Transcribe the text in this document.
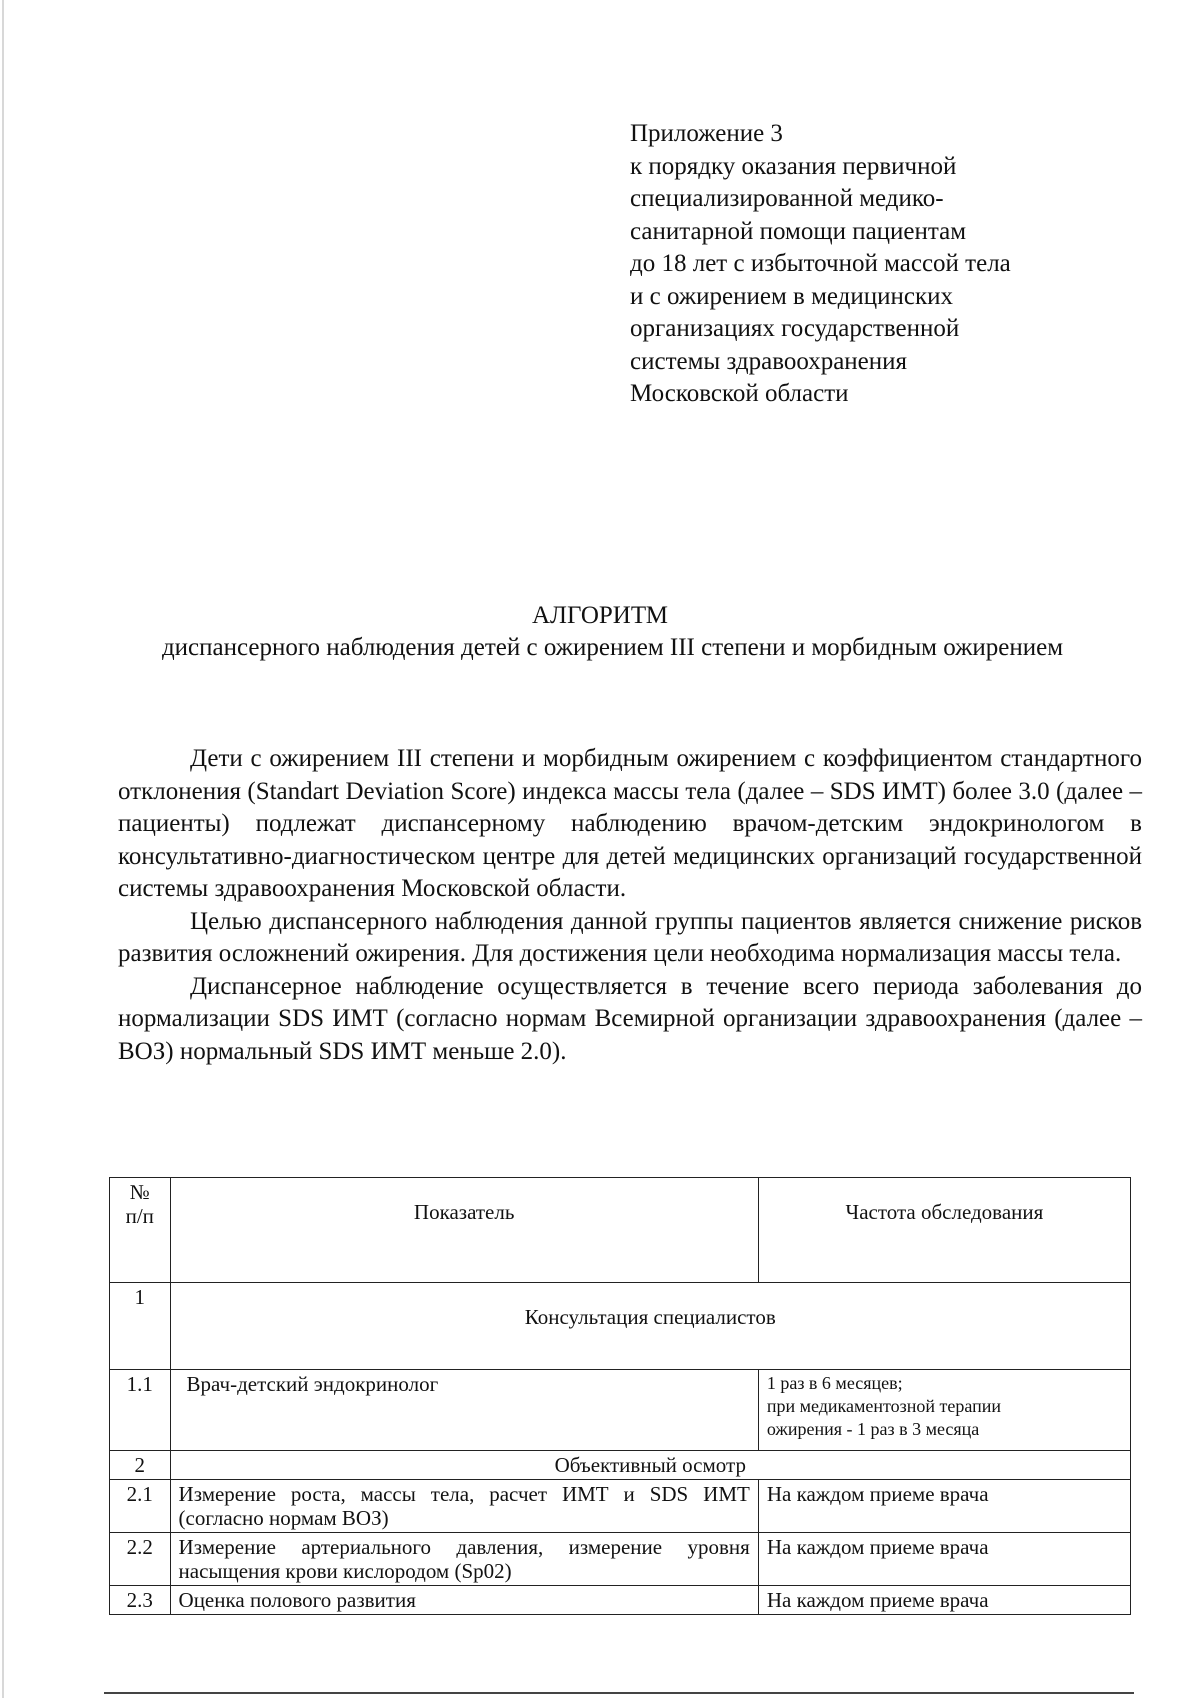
Приложение 3
к порядку оказания первичной
специализированной медико-
санитарной помощи пациентам
до 18 лет с избыточной массой тела
и с ожирением в медицинских
организациях государственной
системы здравоохранения
Московской области
АЛГОРИТМ
диспансерного наблюдения детей с ожирением III степени и морбидным ожирением

Дети с ожирением III степени и морбидным ожирением с коэффициентом стандартного отклонения (Standart Deviation Score) индекса массы тела (далее – SDS ИМТ) более 3.0 (далее – пациенты) подлежат диспансерному наблюдению врачом-детским эндокринологом в консультативно-диагностическом центре для детей медицинских организаций государственной системы здравоохранения Московской области.

Целью диспансерного наблюдения данной группы пациентов является снижение рисков развития осложнений ожирения. Для достижения цели необходима нормализация массы тела.

Диспансерное наблюдение осуществляется в течение всего периода заболевания до нормализации SDS ИМТ (согласно нормам Всемирной организации здравоохранения (далее – ВОЗ) нормальный SDS ИМТ меньше 2.0).

№
п/п	Показатель	Частота обследования
1	Консультация специалистов	
1.1	Врач-детский эндокринолог	1 раз в 6 месяцев;
при медикаментозной терапии
ожирения - 1 раз в 3 месяца

2	Объективный осмотр	
2.1	Измерение роста, массы тела, расчет ИМТ и SDS ИМТ (согласно нормам ВОЗ)	На каждом приеме врача
2.2	Измерение артериального давления, измерение уровня насыщения крови кислородом (Sp02)	На каждом приеме врача
2.3	Оценка полового развития	На каждом приеме врача
